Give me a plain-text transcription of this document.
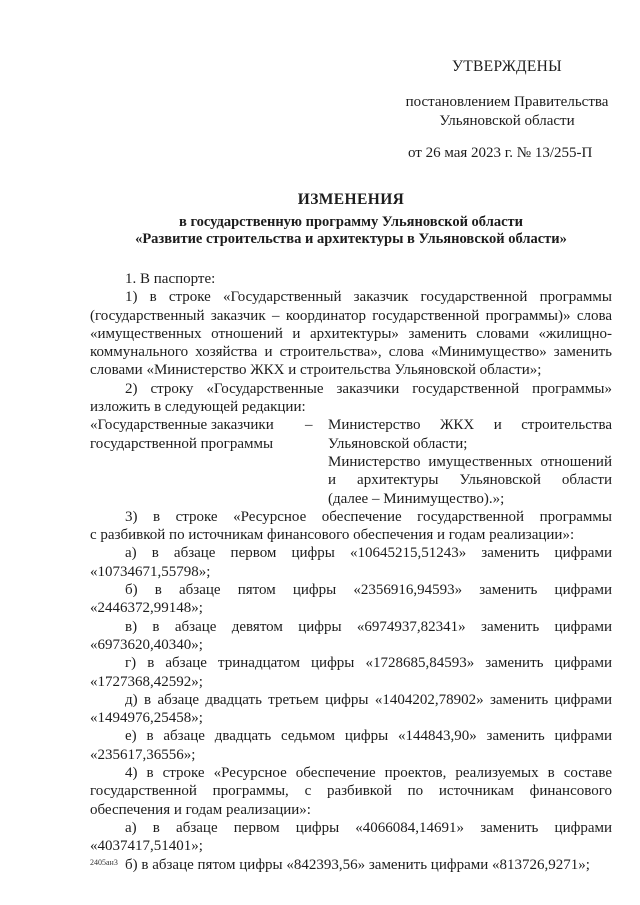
УТВЕРЖДЕНЫ
постановлением Правительства
Ульяновской области
от 26 мая 2023 г. № 13/255-П
ИЗМЕНЕНИЯ
в государственную программу Ульяновской области
«Развитие строительства и архитектуры в Ульяновской области»

1. В паспорте:

1) в строке «Государственный заказчик государственной программы

(государственный заказчик – координатор государственной программы)» слова

«имущественных отношений и архитектуры» заменить словами «жилищно-

коммунального хозяйства и строительства», слова «Минимущество» заменить

словами «Министерство ЖКХ и строительства Ульяновской области»;

2) строку «Государственные заказчики государственной программы»

изложить в следующей редакции:

«Государственные заказчики
государственной программы
–	Министерство ЖКХ и строительства

Ульяновской области;

Министерство имущественных отношений

и архитектуры Ульяновской области

(далее – Минимущество).»;

3) в строке «Ресурсное обеспечение государственной программы

с разбивкой по источникам финансового обеспечения и годам реализации»:

а) в абзаце первом цифры «10645215,51243» заменить цифрами

«10734671,55798»;

б) в абзаце пятом цифры «2356916,94593» заменить цифрами

«2446372,99148»;

в) в абзаце девятом цифры «6974937,82341» заменить цифрами

«6973620,40340»;

г) в абзаце тринадцатом цифры «1728685,84593» заменить цифрами

«1727368,42592»;

д) в абзаце двадцать третьем цифры «1404202,78902» заменить цифрами

«1494976,25458»;

е) в абзаце двадцать седьмом цифры «144843,90» заменить цифрами

«235617,36556»;

4) в строке «Ресурсное обеспечение проектов, реализуемых в составе

государственной программы, с разбивкой по источникам финансового

обеспечения и годам реализации»:

а) в абзаце первом цифры «4066084,14691» заменить цифрами

«4037417,51401»;

б) в абзаце пятом цифры «842393,56» заменить цифрами «813726,9271»;

2405ан3
